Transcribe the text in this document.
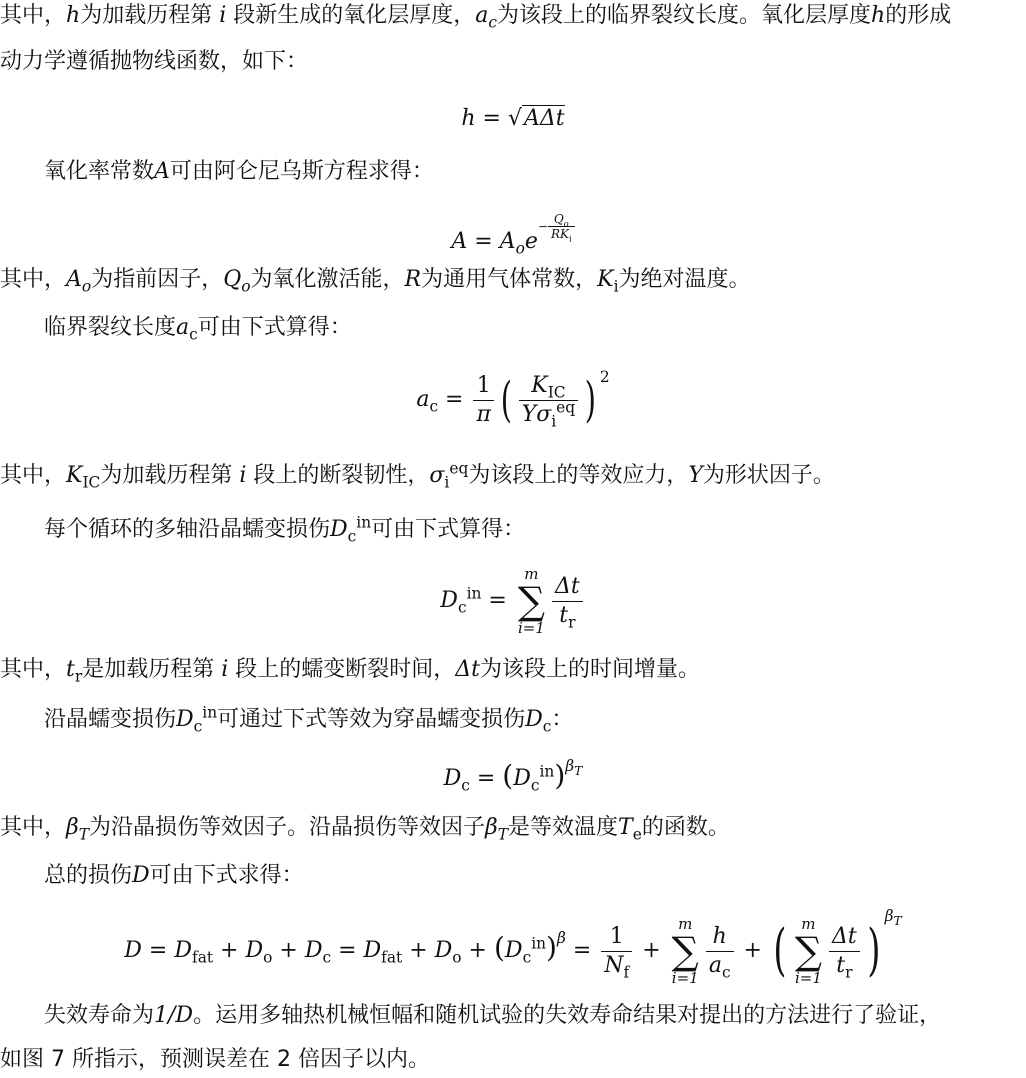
其中，h为加载历程第 i 段新生成的氧化层厚度，$a_c$为该段上的临界裂纹长度。氧化层厚度h的形成
动力学遵循抛物线函数，如下：
h = √AΔt
氧化率常数A可由阿仑尼乌斯方程求得：
$A = A_oe- \frac{Q_o}{RK_i}$
其中，$A_o$为指前因子，$Q_o$为氧化激活能，R为通用气体常数，$K_i$为绝对温度。
临界裂纹长度$a_c$可由下式算得：
$a_c = \frac{1}{\pi}$ ( $\frac{K_{IC}}{Y\sigma_i^{eq}}$ ) $^2$
其中，$K_{IC}$为加载历程第 i 段上的断裂韧性，$\sigma_i^{eq}$为该段上的等效应力，Y为形状因子。
每个循环的多轴沿晶蠕变损伤$D_c^{in}$可由下式算得：
$D_c^{in}$ =
m
∑
$i=1 \frac{\Delta t}{t_r}$
其中，$t_r$是加载历程第 i 段上的蠕变断裂时间，Δt为该段上的时间增量。
沿晶蠕变损伤$D_c^{in}$可通过下式等效为穿晶蠕变损伤$D_c$：
$D_c = (D_c^{in})^{\beta_T}$
其中，$\beta_T$为沿晶损伤等效因子。沿晶损伤等效因子$\beta_T$是等效温度$T_e$的函数。
总的损伤D可由下式求得：
$D = D_{fat} + D_o + D_c = D_{fat} + D_o + (D_c^{in})^\beta = \frac{1}{N_f}$ +
m
∑
$i=1 \frac{h}{a_c}$ + ( m
∑
$i=1 \frac{\Delta t}{t_r} )^{\beta_T}$
失效寿命为1/D。运用多轴热机械恒幅和随机试验的失效寿命结果对提出的方法进行了验证，
如图 7 所指示，预测误差在 2 倍因子以内。
